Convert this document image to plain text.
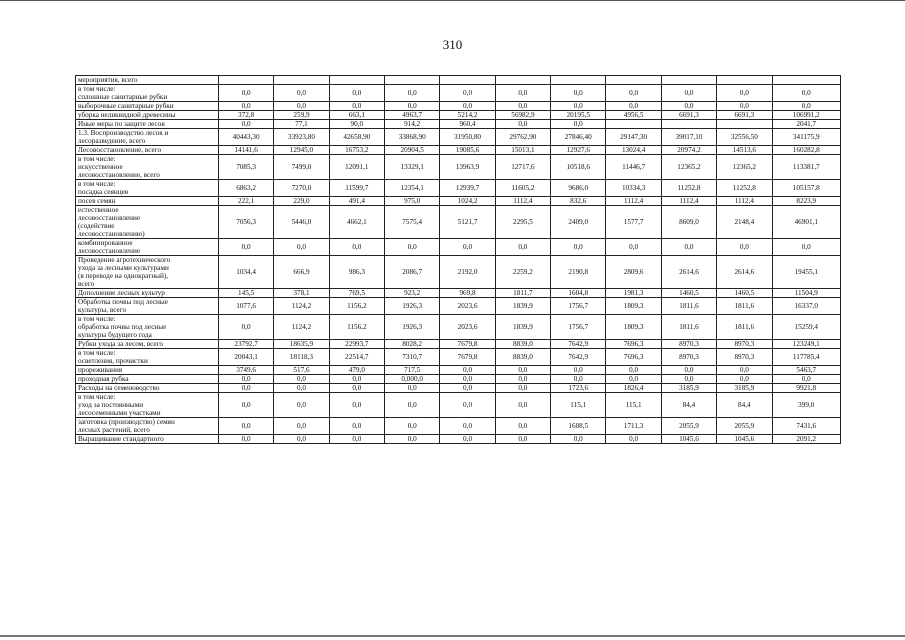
310
мероприятия, всего											
в том числе:
сплошные санитарные рубки	0,0	0,0	0,0	0,0	0,0	0,0	0,0	0,0	0,0	0,0	0,0
выборочные санитарные рубки	0,0	0,0	0,0	0,0	0,0	0,0	0,0	0,0	0,0	0,0	0,0
уборка неликвидной древесины	372,8	259,9	663,1	4963,7	5214,2	56982,9	20195,5	4956,5	6691,3	6691,3	106991,2
Иные меры по защите лесов	0,0	77,1	90,0	914,2	960,4	0,0	0,0				2041,7
1.3. Воспроизводство лесов и
лесоразведение, всего	40443,30	33923,80	42658,90	33868,90	31950,80	29762,90	27846,40	29147,30	39017,10	32556,50	341175,9
Лесовосстановление, всего	14141,6	12945,0	16753,2	20904,5	19085,6	15013,1	12927,6	13024,4	20974,2	14513,6	160282,8
в том числе:
искусственное
лесовосстановление, всего	7085,3	7499,0	12091,1	13329,1	13963,9	12717,6	10518,6	11446,7	12365,2	12365,2	113381,7
в том числе:
посадка сеянцев	6863,2	7270,0	11599,7	12354,1	12939,7	11605,2	9686,0	10334,3	11252,8	11252,8	105157,8
посев семян	222,1	229,0	491,4	975,0	1024,2	1112,4	832,6	1112,4	1112,4	1112,4	8223,9
естественное
лесовосстановление
(содействие
лесовосстановлению)	7056,3	5446,0	4662,1	7575,4	5121,7	2295,5	2409,0	1577,7	8609,0	2148,4	46901,1
комбинированное
лесовосстановление	0,0	0,0	0,0	0,0	0,0	0,0	0,0	0,0	0,0	0,0	0,0
Проведение агротехнического
ухода за лесными культурами
(в переводе на однократный),
всего	1034,4	666,9	986,3	2086,7	2192,0	2259,2	2190,8	2809,6	2614,6	2614,6	19455,1
Дополнение лесных культур	145,5	378,1	769,5	923,2	969,8	1811,7	1604,8	1981,3	1460,5	1460,5	11504,9
Обработка почвы под лесные
культуры, всего	1077,6	1124,2	1156,2	1926,3	2023,6	1839,9	1756,7	1809,3	1811,6	1811,6	16337,0
в том числе:
обработка почвы под лесные
культуры будущего года	0,0	1124,2	1156,2	1926,3	2023,6	1839,9	1756,7	1809,3	1811,6	1811,6	15259,4
Рубки ухода за лесом, всего	23792,7	18635,9	22993,7	8028,2	7679,8	8839,0	7642,9	7696,3	8970,3	8970,3	123249,1
в том числе:
осветления, прочистки	20043,1	18118,3	22514,7	7310,7	7679,8	8839,0	7642,9	7696,3	8970,3	8970,3	117785,4
прореживания	3749,6	517,6	479,0	717,5	0,0	0,0	0,0	0,0	0,0	0,0	5463,7
проходная рубка	0,0	0,0	0,0	0,000,0	0,0	0,0	0,0	0,0	0,0	0,0	0,0
Расходы на семеноводство	0,0	0,0	0,0	0,0	0,0	0,0	1723,6	1826,4	3185,9	3185,9	9921,8
в том числе:
уход за постоянными
лесосеменными участками	0,0	0,0	0,0	0,0	0,0	0,0	115,1	115,1	84,4	84,4	399,0
заготовка (производство) семян
лесных растений, всего	0,0	0,0	0,0	0,0	0,0	0,0	1608,5	1711,3	2055,9	2055,9	7431,6
Выращивание стандартного	0,0	0,0	0,0	0,0	0,0	0,0	0,0	0,0	1045,6	1045,6	2091,2
